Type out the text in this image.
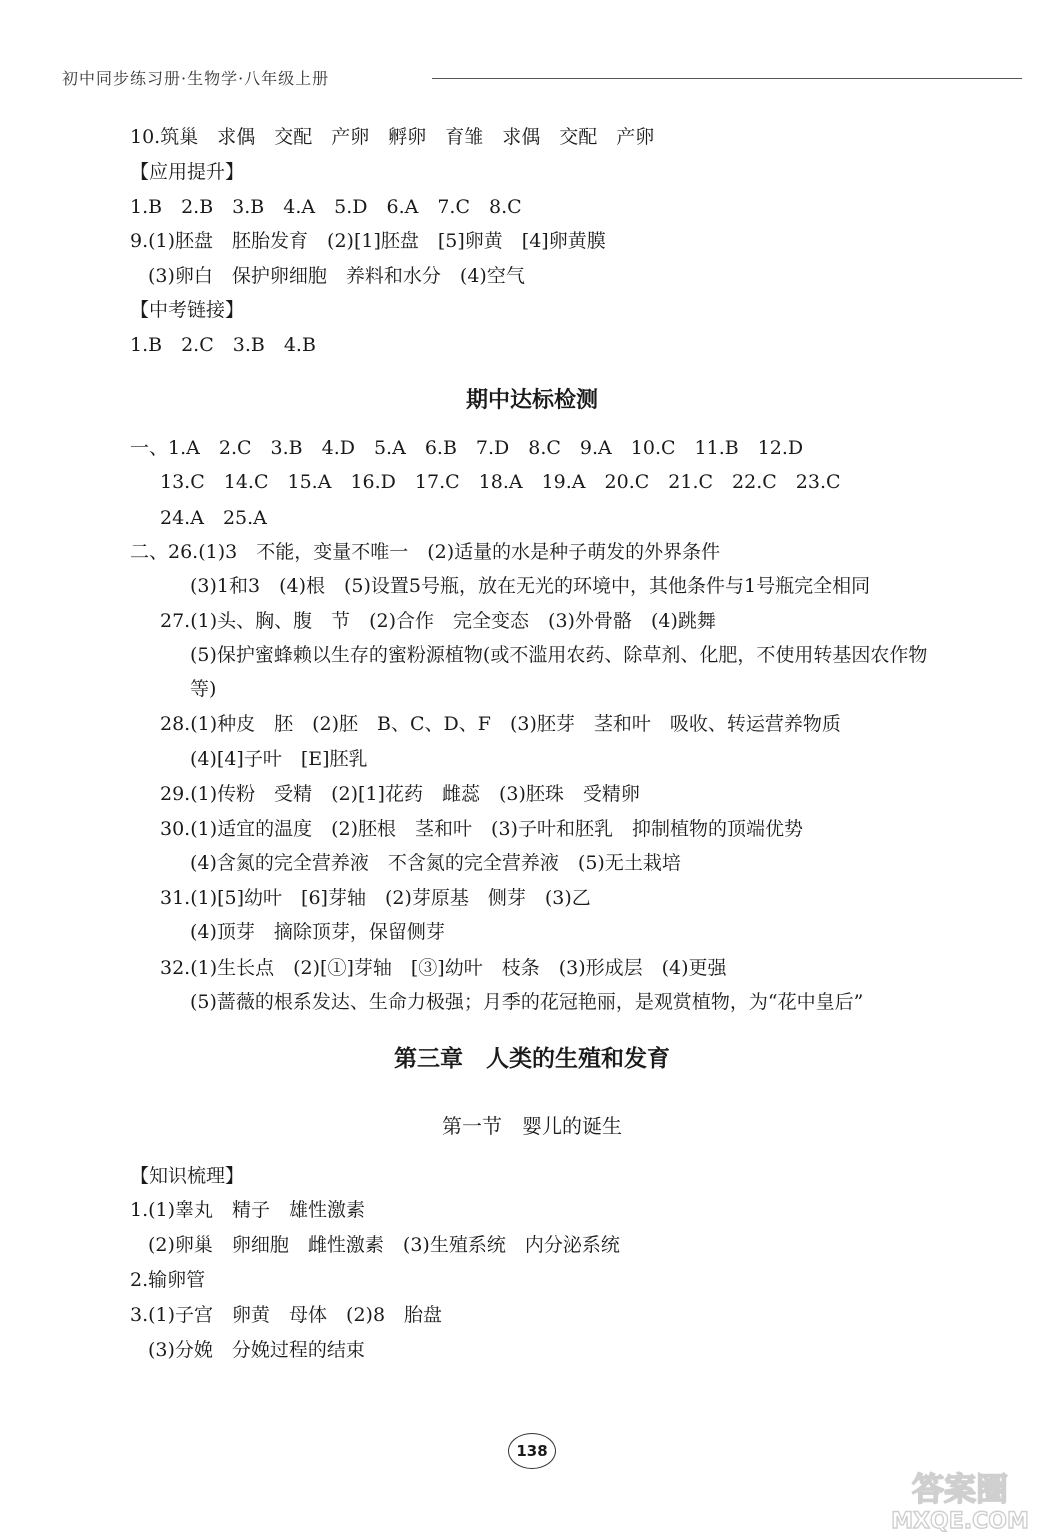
初中同步练习册·生物学·八年级上册
10.筑巢　求偶　交配　产卵　孵卵　育雏　求偶　交配　产卵
【应用提升】
1.B　2.B　3.B　4.A　5.D　6.A　7.C　8.C
9.(1)胚盘　胚胎发育　(2)[1]胚盘　[5]卵黄　[4]卵黄膜
(3)卵白　保护卵细胞　养料和水分　(4)空气
【中考链接】
1.B　2.C　3.B　4.B
期中达标检测
一、1.A　2.C　3.B　4.D　5.A　6.B　7.D　8.C　9.A　10.C　11.B　12.D
13.C　14.C　15.A　16.D　17.C　18.A　19.A　20.C　21.C　22.C　23.C
24.A　25.A
二、26.(1)3　不能，变量不唯一　(2)适量的水是种子萌发的外界条件
(3)1和3　(4)根　(5)设置5号瓶，放在无光的环境中，其他条件与1号瓶完全相同
27.(1)头、胸、腹　节　(2)合作　完全变态　(3)外骨骼　(4)跳舞
(5)保护蜜蜂赖以生存的蜜粉源植物(或不滥用农药、除草剂、化肥，不使用转基因农作物
等)
28.(1)种皮　胚　(2)胚　B、C、D、F　(3)胚芽　茎和叶　吸收、转运营养物质
(4)[4]子叶　[E]胚乳
29.(1)传粉　受精　(2)[1]花药　雌蕊　(3)胚珠　受精卵
30.(1)适宜的温度　(2)胚根　茎和叶　(3)子叶和胚乳　抑制植物的顶端优势
(4)含氮的完全营养液　不含氮的完全营养液　(5)无土栽培
31.(1)[5]幼叶　[6]芽轴　(2)芽原基　侧芽　(3)乙
(4)顶芽　摘除顶芽，保留侧芽
32.(1)生长点　(2)[①]芽轴　[③]幼叶　枝条　(3)形成层　(4)更强
(5)蔷薇的根系发达、生命力极强；月季的花冠艳丽，是观赏植物，为“花中皇后”
第三章　人类的生殖和发育
第一节　婴儿的诞生
【知识梳理】
1.(1)睾丸　精子　雄性激素
(2)卵巢　卵细胞　雌性激素　(3)生殖系统　内分泌系统
2.输卵管
3.(1)子宫　卵黄　母体　(2)8　胎盘
(3)分娩　分娩过程的结束
138
答案圈
MXQE.COM
